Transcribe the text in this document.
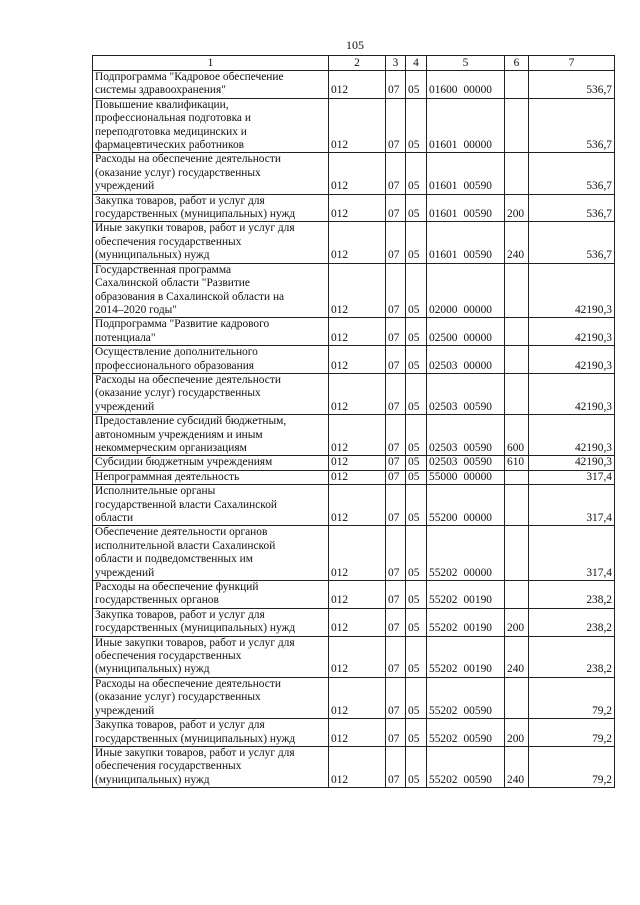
105
1	2	3	4	5	6	7

Подпрограмма "Кадровое обеспечение
системы здравоохранения"	012	07	05	01600 00000		536,7

Повышение квалификации,
профессиональная подготовка и
переподготовка медицинских и
фармацевтических работников	012	07	05	01601 00000		536,7

Расходы на обеспечение деятельности
(оказание услуг) государственных
учреждений	012	07	05	01601 00590		536,7

Закупка товаров, работ и услуг для
государственных (муниципальных) нужд	012	07	05	01601 00590	200	536,7

Иные закупки товаров, работ и услуг для
обеспечения государственных
(муниципальных) нужд	012	07	05	01601 00590	240	536,7

Государственная программа
Сахалинской области "Развитие
образования в Сахалинской области на
2014–2020 годы"	012	07	05	02000 00000		42190,3

Подпрограмма "Развитие кадрового
потенциала"	012	07	05	02500 00000		42190,3

Осуществление дополнительного
профессионального образования	012	07	05	02503 00000		42190,3

Расходы на обеспечение деятельности
(оказание услуг) государственных
учреждений	012	07	05	02503 00590		42190,3

Предоставление субсидий бюджетным,
автономным учреждениям и иным
некоммерческим организациям	012	07	05	02503 00590	600	42190,3

Субсидии бюджетным учреждениям	012	07	05	02503 00590	610	42190,3

Непрограммная деятельность	012	07	05	55000 00000		317,4

Исполнительные органы
государственной власти Сахалинской
области	012	07	05	55200 00000		317,4

Обеспечение деятельности органов
исполнительной власти Сахалинской
области и подведомственных им
учреждений	012	07	05	55202 00000		317,4

Расходы на обеспечение функций
государственных органов	012	07	05	55202 00190		238,2

Закупка товаров, работ и услуг для
государственных (муниципальных) нужд	012	07	05	55202 00190	200	238,2

Иные закупки товаров, работ и услуг для
обеспечения государственных
(муниципальных) нужд	012	07	05	55202 00190	240	238,2

Расходы на обеспечение деятельности
(оказание услуг) государственных
учреждений	012	07	05	55202 00590		79,2

Закупка товаров, работ и услуг для
государственных (муниципальных) нужд	012	07	05	55202 00590	200	79,2

Иные закупки товаров, работ и услуг для
обеспечения государственных
(муниципальных) нужд	012	07	05	55202 00590	240	79,2
